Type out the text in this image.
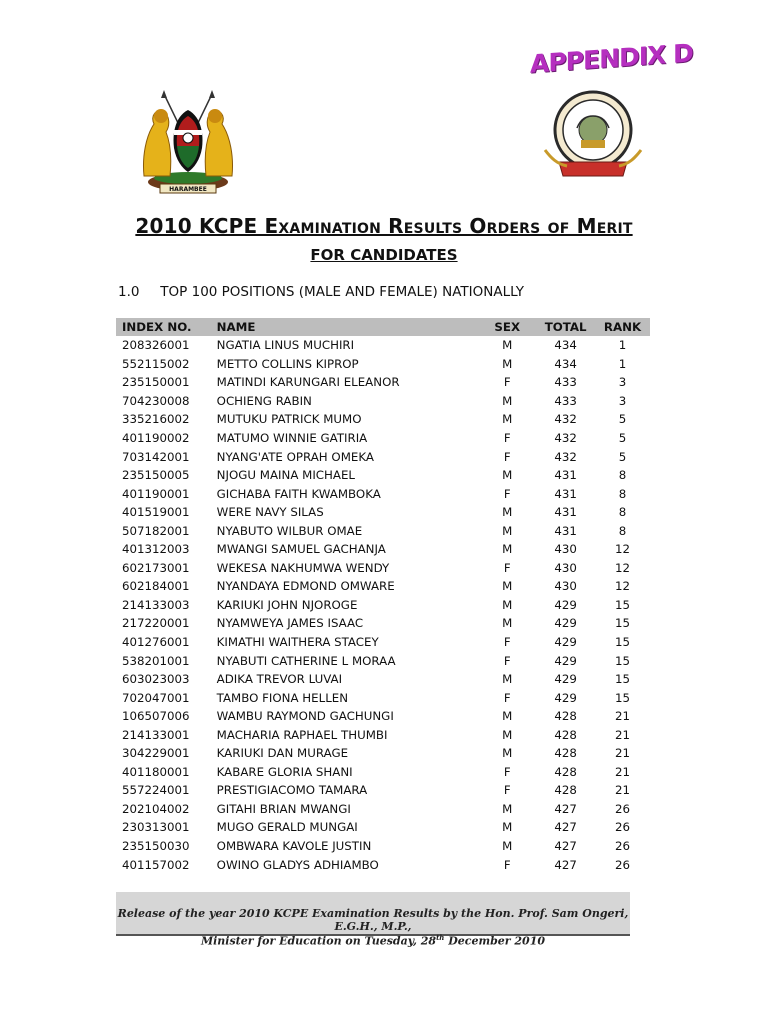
APPENDIX D
HARAMBEE
2010 KCPE Examination Results Orders of Merit
FOR CANDIDATES
1.0 TOP 100 POSITIONS (MALE AND FEMALE) NATIONALLY
INDEX NO.	NAME	SEX	TOTAL	RANK
208326001	NGATIA LINUS MUCHIRI	M	434	1
552115002	METTO COLLINS KIPROP	M	434	1
235150001	MATINDI KARUNGARI ELEANOR	F	433	3
704230008	OCHIENG RABIN	M	433	3
335216002	MUTUKU PATRICK MUMO	M	432	5
401190002	MATUMO WINNIE GATIRIA	F	432	5
703142001	NYANG'ATE OPRAH OMEKA	F	432	5
235150005	NJOGU MAINA MICHAEL	M	431	8
401190001	GICHABA FAITH KWAMBOKA	F	431	8
401519001	WERE NAVY SILAS	M	431	8
507182001	NYABUTO WILBUR OMAE	M	431	8
401312003	MWANGI SAMUEL GACHANJA	M	430	12
602173001	WEKESA NAKHUMWA WENDY	F	430	12
602184001	NYANDAYA EDMOND OMWARE	M	430	12
214133003	KARIUKI JOHN NJOROGE	M	429	15
217220001	NYAMWEYA JAMES ISAAC	M	429	15
401276001	KIMATHI WAITHERA STACEY	F	429	15
538201001	NYABUTI CATHERINE L MORAA	F	429	15
603023003	ADIKA TREVOR LUVAI	M	429	15
702047001	TAMBO FIONA HELLEN	F	429	15
106507006	WAMBU RAYMOND GACHUNGI	M	428	21
214133001	MACHARIA RAPHAEL THUMBI	M	428	21
304229001	KARIUKI DAN MURAGE	M	428	21
401180001	KABARE GLORIA SHANI	F	428	21
557224001	PRESTIGIACOMO TAMARA	F	428	21
202104002	GITAHI BRIAN MWANGI	M	427	26
230313001	MUGO GERALD MUNGAI	M	427	26
235150030	OMBWARA KAVOLE JUSTIN	M	427	26
401157002	OWINO GLADYS ADHIAMBO	F	427	26
Release of the year 2010 KCPE Examination Results by the Hon. Prof. Sam Ongeri, E.G.H., M.P.,
Minister for Education on Tuesday, 28th December 2010
